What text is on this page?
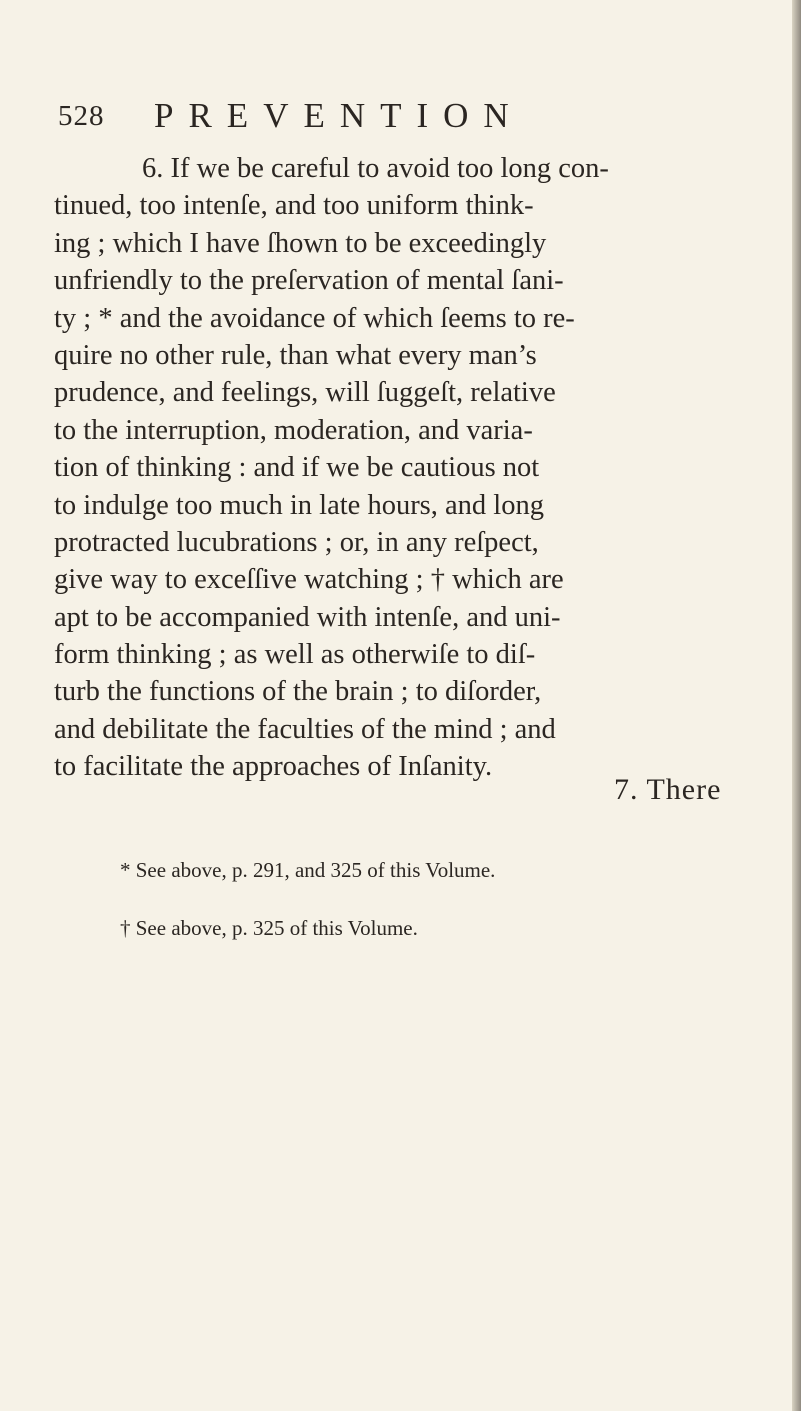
528 PREVENTION
6. If we be careful to avoid too long con-
tinued, too intenſe, and too uniform think-
ing ; which I have ſhown to be exceedingly
unfriendly to the preſervation of mental ſani-
ty ; * and the avoidance of which ſeems to re-
quire no other rule, than what every man’s
prudence, and feelings, will ſuggeſt, relative
to the interruption, moderation, and varia-
tion of thinking : and if we be cautious not
to indulge too much in late hours, and long
protracted lucubrations ; or, in any reſpect,
give way to exceſſive watching ; † which are
apt to be accompanied with intenſe, and uni-
form thinking ; as well as otherwiſe to diſ-
turb the functions of the brain ; to diſorder,
and debilitate the faculties of the mind ; and
to facilitate the approaches of Inſanity.
7. There
* See above, p. 291, and 325 of this Volume.
† See above, p. 325 of this Volume.
